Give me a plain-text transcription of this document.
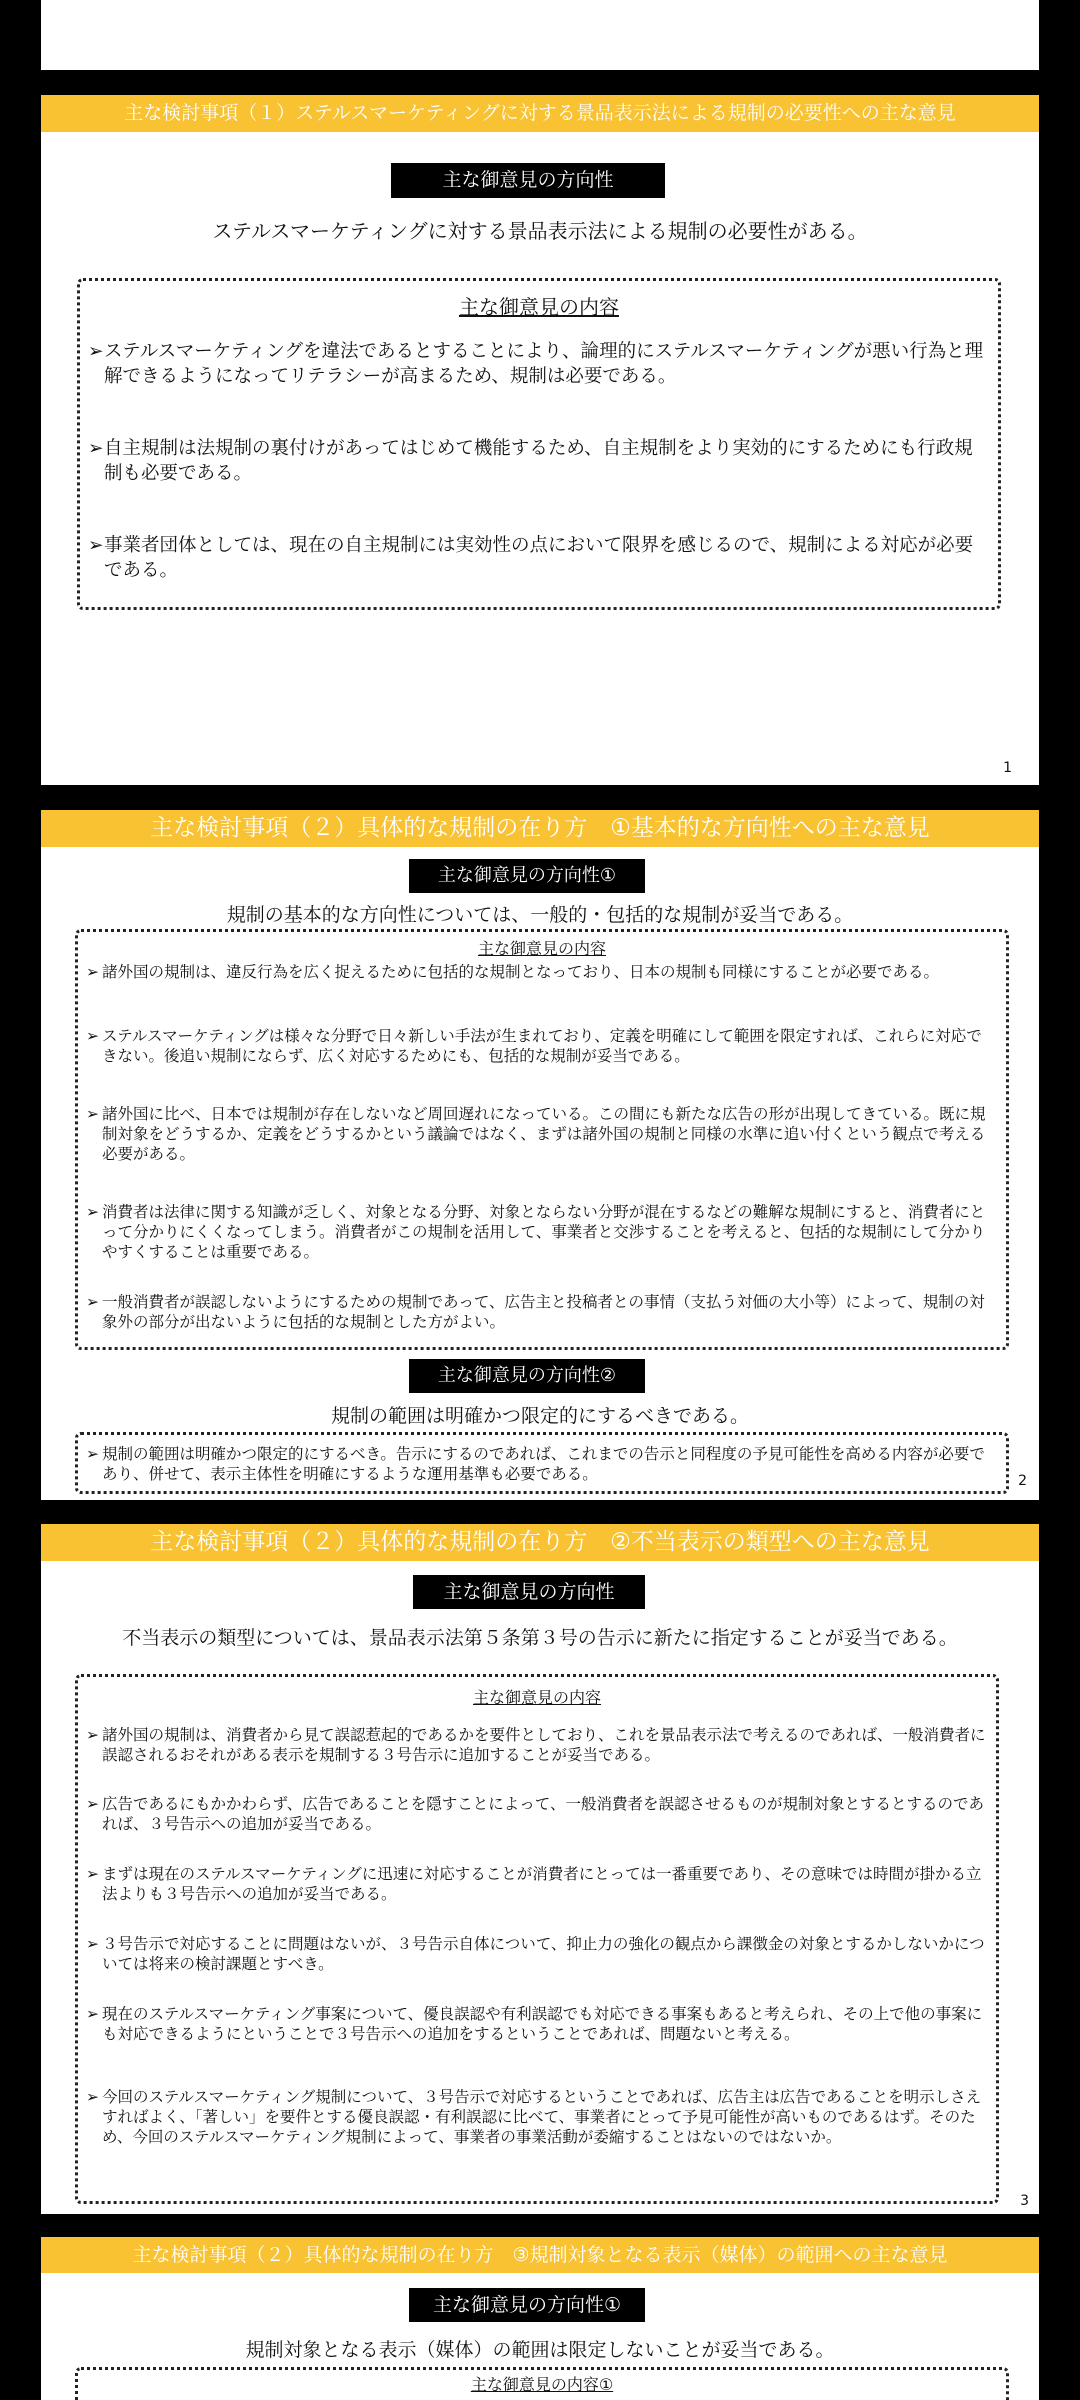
主な検討事項（１）ステルスマーケティングに対する景品表示法による規制の必要性への主な意見
主な御意見の方向性
ステルスマーケティングに対する景品表示法による規制の必要性がある。
主な御意見の内容
➢ステルスマーケティングを違法であるとすることにより、論理的にステルスマーケティングが悪い行為と理解できるようになってリテラシーが高まるため、規制は必要である。
➢自主規制は法規制の裏付けがあってはじめて機能するため、自主規制をより実効的にするためにも行政規制も必要である。
➢事業者団体としては、現在の自主規制には実効性の点において限界を感じるので、規制による対応が必要である。
1
主な検討事項（２）具体的な規制の在り方　①基本的な方向性への主な意見
主な御意見の方向性①
規制の基本的な方向性については、一般的・包括的な規制が妥当である。
主な御意見の内容
➢ 諸外国の規制は、違反行為を広く捉えるために包括的な規制となっており、日本の規制も同様にすることが必要である。
➢ ステルスマーケティングは様々な分野で日々新しい手法が生まれており、定義を明確にして範囲を限定すれば、これらに対応できない。後追い規制にならず、広く対応するためにも、包括的な規制が妥当である。
➢ 諸外国に比べ、日本では規制が存在しないなど周回遅れになっている。この間にも新たな広告の形が出現してきている。既に規制対象をどうするか、定義をどうするかという議論ではなく、まずは諸外国の規制と同様の水準に追い付くという観点で考える必要がある。
➢ 消費者は法律に関する知識が乏しく、対象となる分野、対象とならない分野が混在するなどの難解な規制にすると、消費者にとって分かりにくくなってしまう。消費者がこの規制を活用して、事業者と交渉することを考えると、包括的な規制にして分かりやすくすることは重要である。
➢ 一般消費者が誤認しないようにするための規制であって、広告主と投稿者との事情（支払う対価の大小等）によって、規制の対象外の部分が出ないように包括的な規制とした方がよい。
主な御意見の方向性②
規制の範囲は明確かつ限定的にするべきである。
➢ 規制の範囲は明確かつ限定的にするべき。告示にするのであれば、これまでの告示と同程度の予見可能性を高める内容が必要であり、併せて、表示主体性を明確にするような運用基準も必要である。	2
主な検討事項（２）具体的な規制の在り方　②不当表示の類型への主な意見
主な御意見の方向性
不当表示の類型については、景品表示法第５条第３号の告示に新たに指定することが妥当である。
主な御意見の内容
➢ 諸外国の規制は、消費者から見て誤認惹起的であるかを要件としており、これを景品表示法で考えるのであれば、一般消費者に誤認されるおそれがある表示を規制する３号告示に追加することが妥当である。
➢ 広告であるにもかかわらず、広告であることを隠すことによって、一般消費者を誤認させるものが規制対象とするとするのであれば、３号告示への追加が妥当である。
➢ まずは現在のステルスマーケティングに迅速に対応することが消費者にとっては一番重要であり、その意味では時間が掛かる立法よりも３号告示への追加が妥当である。
➢ ３号告示で対応することに問題はないが、３号告示自体について、抑止力の強化の観点から課徴金の対象とするかしないかについては将来の検討課題とすべき。
➢ 現在のステルスマーケティング事案について、優良誤認や有利誤認でも対応できる事案もあると考えられ、その上で他の事案にも対応できるようにということで３号告示への追加をするということであれば、問題ないと考える。
➢ 今回のステルスマーケティング規制について、３号告示で対応するということであれば、広告主は広告であることを明示しさえすればよく、「著しい」を要件とする優良誤認・有利誤認に比べて、事業者にとって予見可能性が高いものであるはず。そのため、今回のステルスマーケティング規制によって、事業者の事業活動が委縮することはないのではないか。
3
主な検討事項（２）具体的な規制の在り方　③規制対象となる表示（媒体）の範囲への主な意見
主な御意見の方向性①
規制対象となる表示（媒体）の範囲は限定しないことが妥当である。
主な御意見の内容①
